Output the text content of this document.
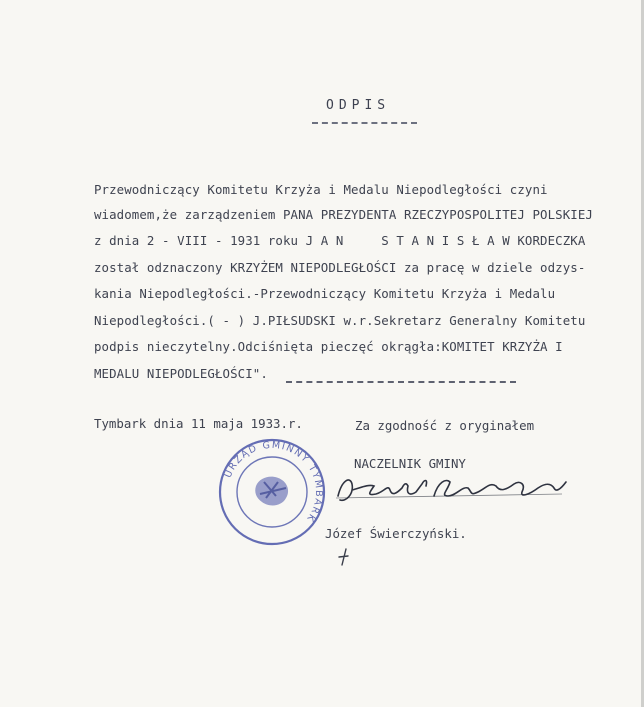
ODPIS
Przewodniczący Komitetu Krzyża i Medalu Niepodległości czyni
wiadomem,że zarządzeniem PANA PREZYDENTA RZECZYPOSPOLITEJ POLSKIEJ
z dnia 2 - VIII - 1931 roku J A N     S T A N I S Ł A W KORDECZKA
został odznaczony KRZYŻEM NIEPODLEGŁOŚCI za pracę w dziele odzys-
kania Niepodległości.-Przewodniczący Komitetu Krzyża i Medalu
Niepodległości.( - ) J.PIŁSUDSKI w.r.Sekretarz Generalny Komitetu
podpis nieczytelny.Odciśnięta pieczęć okrągła:KOMITET KRZYŻA I
MEDALU NIEPODLEGŁOŚCI".
Tymbark dnia 11 maja 1933.r.	Za zgodność z oryginałem
NACZELNIK GMINY
URZĄD GMINNY TYMBARK
Józef Świerczyński.
